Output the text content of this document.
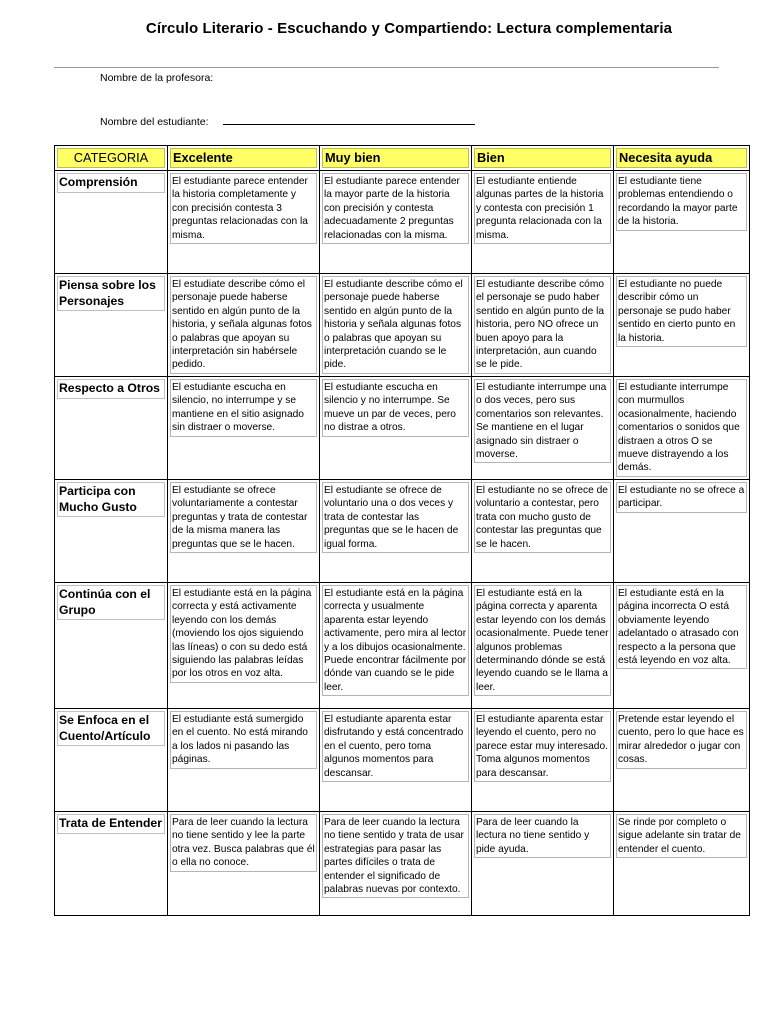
Círculo Literario - Escuchando y Compartiendo: Lectura complementaria
Nombre de la profesora:
Nombre del estudiante:
CATEGORIA	Excelente	Muy bien	Bien	Necesita ayuda

Comprensión	El estudiante parece entender la historia completamente y con precisión contesta 3 preguntas relacionadas con la misma.	El estudiante parece entender la mayor parte de la historia con precisión y contesta adecuadamente 2 preguntas relacionadas con la misma.	El estudiante entiende algunas partes de la historia y contesta con precisión 1 pregunta relacionada con la misma.	El estudiante tiene problemas entendiendo o recordando la mayor parte de la historia.

Piensa sobre los Personajes	El estudiate describe cómo el personaje puede haberse sentido en algún punto de la historia, y señala algunas fotos o palabras que apoyan su interpretación sin habérsele pedido.	El estudiante describe cómo el personaje puede haberse sentido en algún punto de la historia y señala algunas fotos o palabras que apoyan su interpretación cuando se le pide.	El estudiante describe cómo el personaje se pudo haber sentido en algún punto de la historia, pero NO ofrece un buen apoyo para la interpretación, aun cuando se le pide.	El estudiante no puede describir cómo un personaje se pudo haber sentido en cierto punto en la historia.

Respecto a Otros	El estudiante escucha en silencio, no interrumpe y se mantiene en el sitio asignado sin distraer o moverse.	El estudiante escucha en silencio y no interrumpe. Se mueve un par de veces, pero no distrae a otros.	El estudiante interrumpe una o dos veces, pero sus comentarios son relevantes. Se mantiene en el lugar asignado sin distraer o moverse.	El estudiante interrumpe con murmullos ocasionalmente, haciendo comentarios o sonidos que distraen a otros O se mueve distrayendo a los demás.

Participa con Mucho Gusto	El estudiante se ofrece voluntariamente a contestar preguntas y trata de contestar de la misma manera las preguntas que se le hacen.	El estudiante se ofrece de voluntario una o dos veces y trata de contestar las preguntas que se le hacen de igual forma.	El estudiante no se ofrece de voluntario a contestar, pero trata con mucho gusto de contestar las preguntas que se le hacen.	El estudiante no se ofrece a participar.

Continúa con el Grupo	El estudiante está en la página correcta y está activamente leyendo con los demás (moviendo los ojos siguiendo las líneas) o con su dedo está siguiendo las palabras leídas por los otros en voz alta.	El estudiante está en la página correcta y usualmente aparenta estar leyendo activamente, pero mira al lector y a los dibujos ocasionalmente. Puede encontrar fácilmente por dónde van cuando se le pide leer.	El estudiante está en la página correcta y aparenta estar leyendo con los demás ocasionalmente. Puede tener algunos problemas determinando dónde se está leyendo cuando se le llama a leer.	El estudiante está en la página incorrecta O está obviamente leyendo adelantado o atrasado con respecto a la persona que está leyendo en voz alta.

Se Enfoca en el Cuento/Artículo	El estudiante está sumergido en el cuento. No está mirando a los lados ni pasando las páginas.	El estudiante aparenta estar disfrutando y está concentrado en el cuento, pero toma algunos momentos para descansar.	El estudiante aparenta estar leyendo el cuento, pero no parece estar muy interesado. Toma algunos momentos para descansar.	Pretende estar leyendo el cuento, pero lo que hace es mirar alrededor o jugar con cosas.

Trata de Entender	Para de leer cuando la lectura no tiene sentido y lee la parte otra vez. Busca palabras que él o ella no conoce.	Para de leer cuando la lectura no tiene sentido y trata de usar estrategias para pasar las partes difíciles o trata de entender el significado de palabras nuevas por contexto.	Para de leer cuando la lectura no tiene sentido y pide ayuda.	Se rinde por completo o sigue adelante sin tratar de entender el cuento.
